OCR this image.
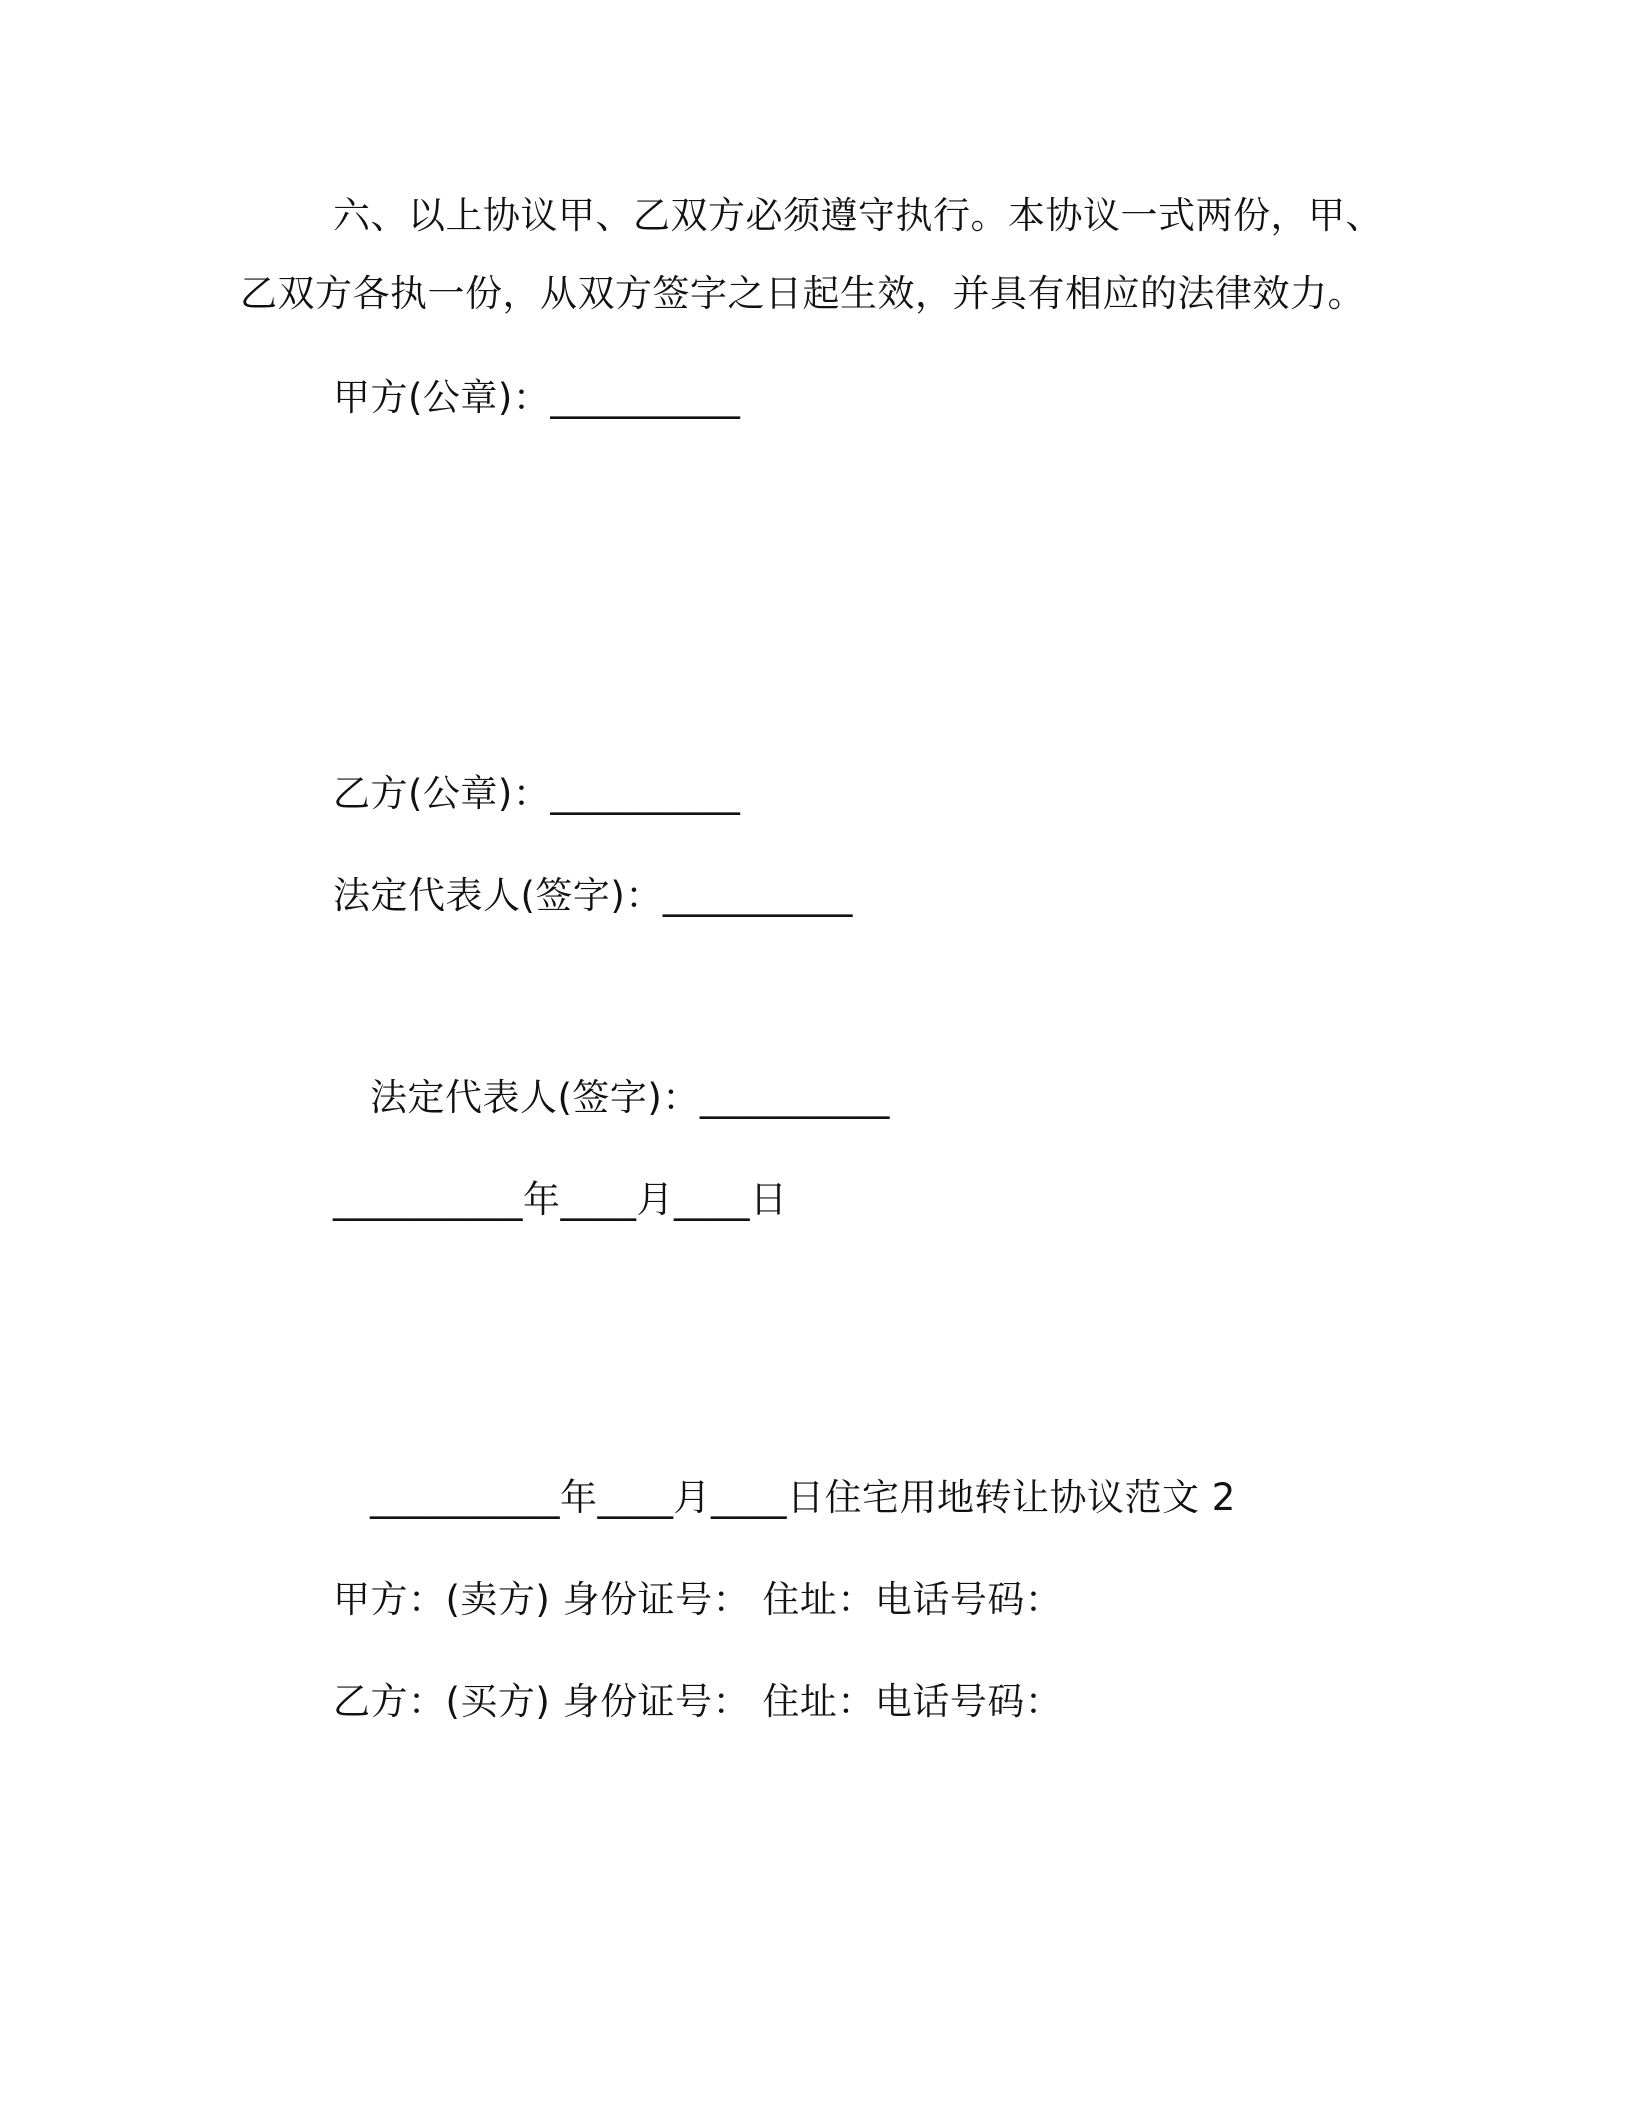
六、以上协议甲、乙双方必须遵守执行。本协议一式两份，甲、
乙双方各执一份，从双方签字之日起生效，并具有相应的法律效力。
甲方(公章)：__________
乙方(公章)：__________
法定代表人(签字)：__________
法定代表人(签字)：__________
__________年____月____日
__________年____月____日住宅用地转让协议范文 2
甲方：(卖方) 身份证号： 住址：电话号码：
乙方：(买方) 身份证号： 住址：电话号码：
